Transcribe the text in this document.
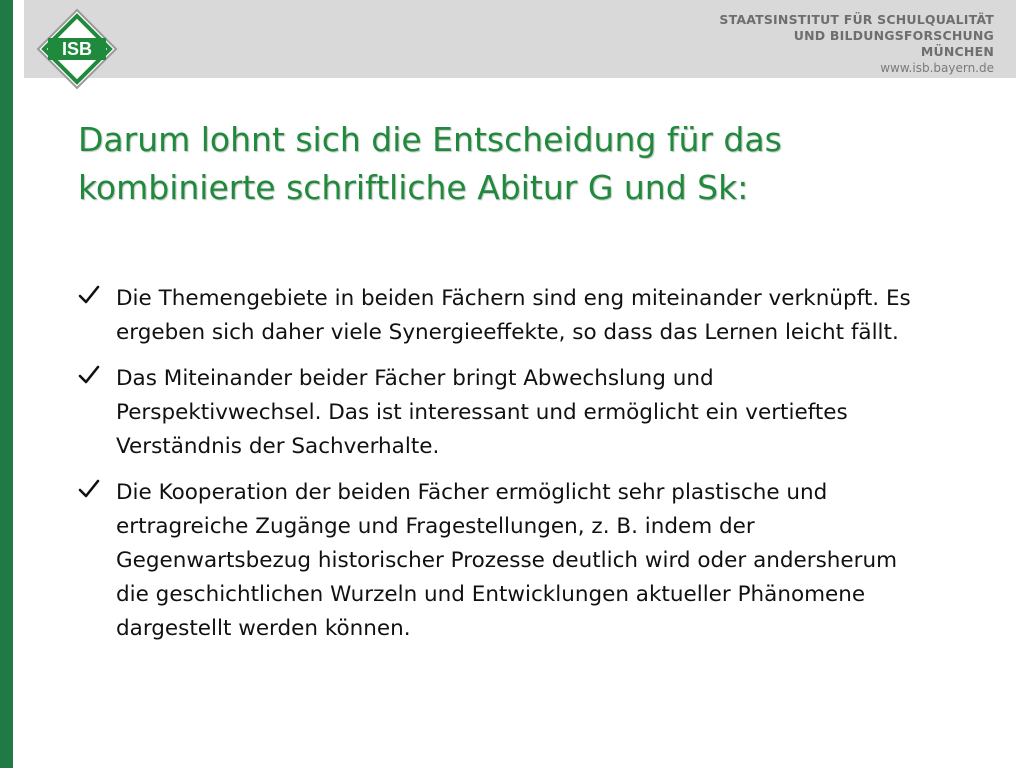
ISB
STAATSINSTITUT FÜR SCHULQUALITÄT
UND BILDUNGSFORSCHUNG
MÜNCHEN
www.isb.bayern.de
Darum lohnt sich die Entscheidung für das
kombinierte schriftliche Abitur G und Sk:
Die Themengebiete in beiden Fächern sind eng miteinander verknüpft. Es
ergeben sich daher viele Synergieeffekte, so dass das Lernen leicht fällt.
Das Miteinander beider Fächer bringt Abwechslung und
Perspektivwechsel. Das ist interessant und ermöglicht ein vertieftes
Verständnis der Sachverhalte.
Die Kooperation der beiden Fächer ermöglicht sehr plastische und
ertragreiche Zugänge und Fragestellungen, z. B. indem der
Gegenwartsbezug historischer Prozesse deutlich wird oder andersherum
die geschichtlichen Wurzeln und Entwicklungen aktueller Phänomene
dargestellt werden können.
